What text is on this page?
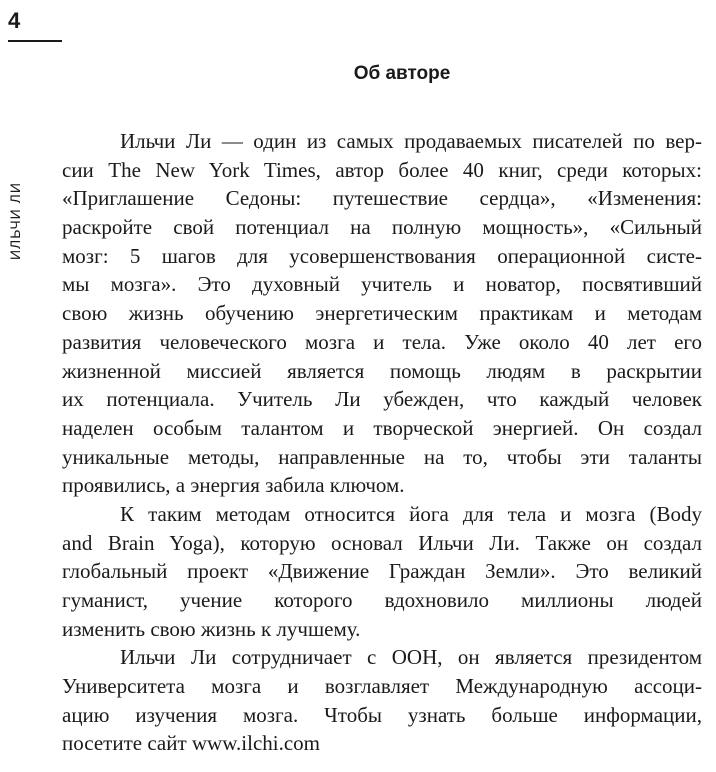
4
ИЛЬЧИ ЛИ
Об авторе
Ильчи Ли — один из самых продаваемых писателей по вер-
сии The New York Times, автор более 40 книг, среди которых:
«Приглашение Седоны: путешествие сердца», «Изменения:
раскройте свой потенциал на полную мощность», «Сильный
мозг: 5 шагов для усовершенствования операционной систе-
мы мозга». Это духовный учитель и новатор, посвятивший
свою жизнь обучению энергетическим практикам и методам
развития человеческого мозга и тела. Уже около 40 лет его
жизненной миссией является помощь людям в раскрытии
их потенциала. Учитель Ли убежден, что каждый человек
наделен особым талантом и творческой энергией. Он создал
уникальные методы, направленные на то, чтобы эти таланты
проявились, а энергия забила ключом.
К таким методам относится йога для тела и мозга (Body
and Brain Yoga), которую основал Ильчи Ли. Также он создал
глобальный проект «Движение Граждан Земли». Это великий
гуманист, учение которого вдохновило миллионы людей
изменить свою жизнь к лучшему.
Ильчи Ли сотрудничает с ООН, он является президентом
Университета мозга и возглавляет Международную ассоци-
ацию изучения мозга. Чтобы узнать больше информации,
посетите сайт www.ilchi.com
